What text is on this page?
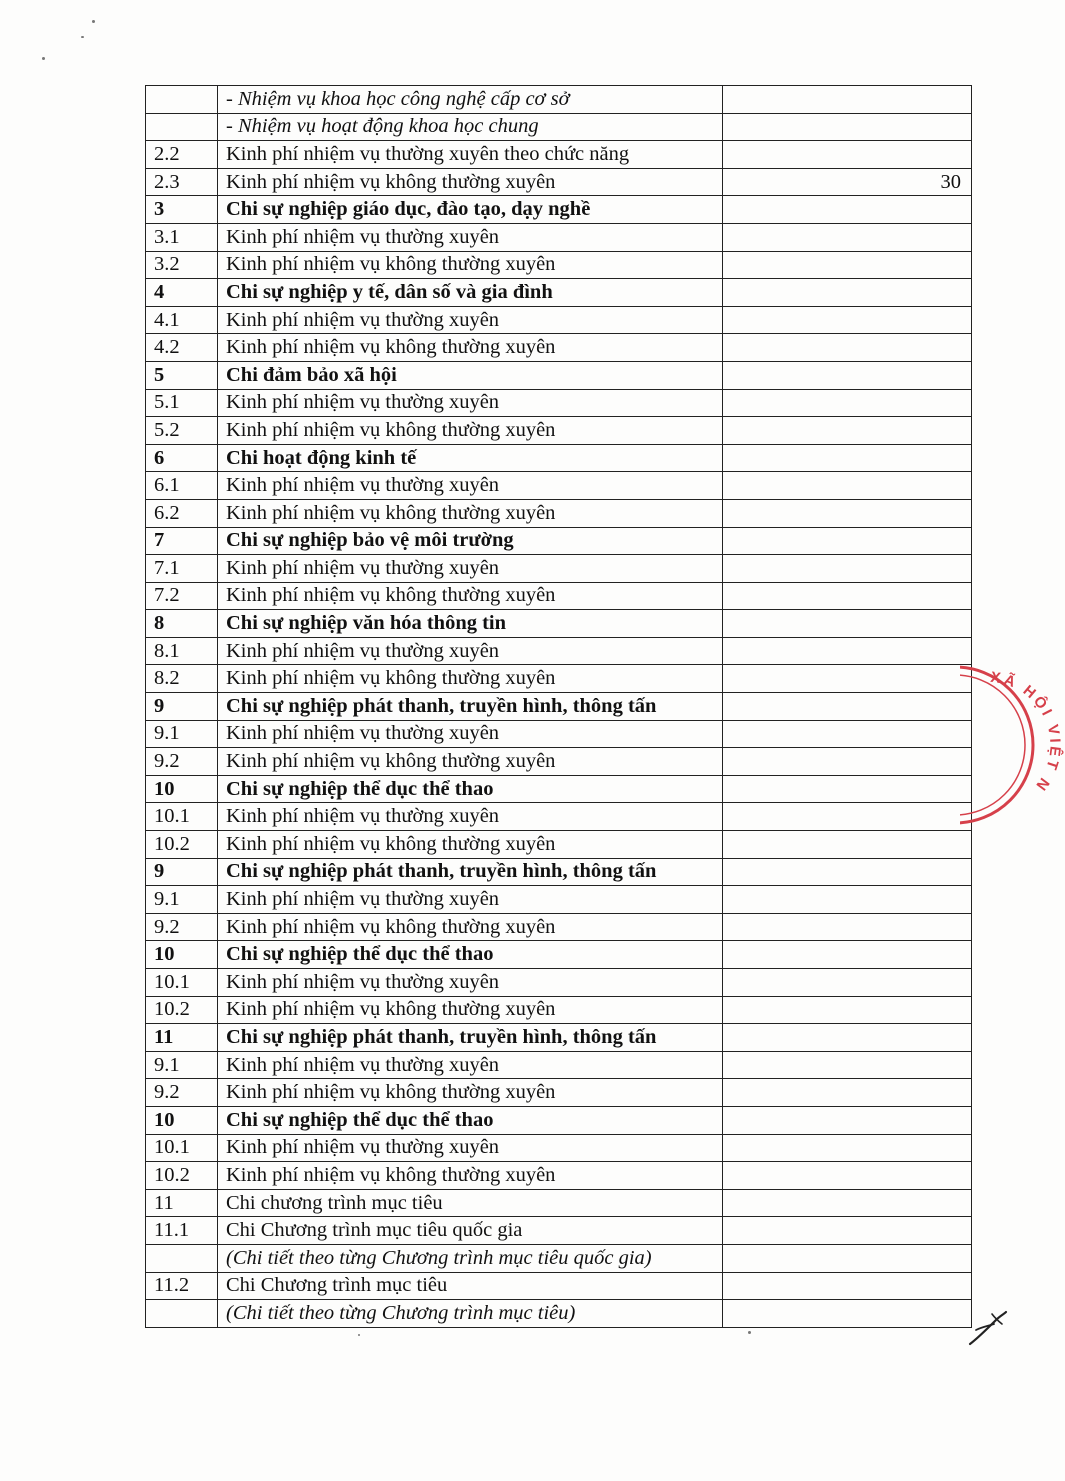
	- Nhiệm vụ khoa học công nghệ cấp cơ sở	
	- Nhiệm vụ hoạt động khoa học chung	
2.2	Kinh phí nhiệm vụ thường xuyên theo chức năng	
2.3	Kinh phí nhiệm vụ không thường xuyên	30
3	Chi sự nghiệp giáo dục, đào tạo, dạy nghề	
3.1	Kinh phí nhiệm vụ thường xuyên	
3.2	Kinh phí nhiệm vụ không thường xuyên	
4	Chi sự nghiệp y tế, dân số và gia đình	
4.1	Kinh phí nhiệm vụ thường xuyên	
4.2	Kinh phí nhiệm vụ không thường xuyên	
5	Chi đảm bảo xã hội	
5.1	Kinh phí nhiệm vụ thường xuyên	
5.2	Kinh phí nhiệm vụ không thường xuyên	
6	Chi hoạt động kinh tế	
6.1	Kinh phí nhiệm vụ thường xuyên	
6.2	Kinh phí nhiệm vụ không thường xuyên	
7	Chi sự nghiệp bảo vệ môi trường	
7.1	Kinh phí nhiệm vụ thường xuyên	
7.2	Kinh phí nhiệm vụ không thường xuyên	
8	Chi sự nghiệp văn hóa thông tin	
8.1	Kinh phí nhiệm vụ thường xuyên	
8.2	Kinh phí nhiệm vụ không thường xuyên	
9	Chi sự nghiệp phát thanh, truyền hình, thông tấn	
9.1	Kinh phí nhiệm vụ thường xuyên	
9.2	Kinh phí nhiệm vụ không thường xuyên	
10	Chi sự nghiệp thể dục thể thao	
10.1	Kinh phí nhiệm vụ thường xuyên	
10.2	Kinh phí nhiệm vụ không thường xuyên	
9	Chi sự nghiệp phát thanh, truyền hình, thông tấn	
9.1	Kinh phí nhiệm vụ thường xuyên	
9.2	Kinh phí nhiệm vụ không thường xuyên	
10	Chi sự nghiệp thể dục thể thao	
10.1	Kinh phí nhiệm vụ thường xuyên	
10.2	Kinh phí nhiệm vụ không thường xuyên	
11	Chi sự nghiệp phát thanh, truyền hình, thông tấn	
9.1	Kinh phí nhiệm vụ thường xuyên	
9.2	Kinh phí nhiệm vụ không thường xuyên	
10	Chi sự nghiệp thể dục thể thao	
10.1	Kinh phí nhiệm vụ thường xuyên	
10.2	Kinh phí nhiệm vụ không thường xuyên	
11	Chi chương trình mục tiêu	
11.1	Chi Chương trình mục tiêu quốc gia	
	(Chi tiết theo từng Chương trình mục tiêu quốc gia)	
11.2	Chi Chương trình mục tiêu	
	(Chi tiết theo từng Chương trình mục tiêu)	
XÃ HỘI VIỆT N
